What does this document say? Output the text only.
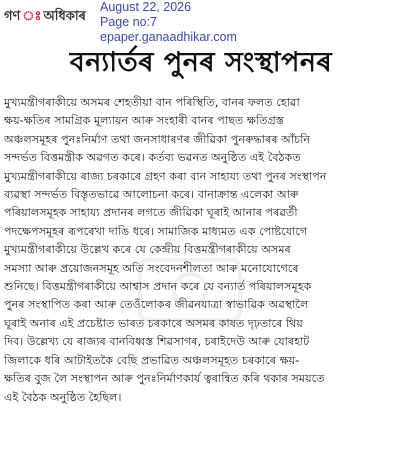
গণ ঃ অধিকাৰ
August 22, 2026
Page no:7
epaper.ganaadhikar.com
বন্যাৰ্তৰ পুনৰ সংস্থাপনৰ
মুখ্যমন্ত্ৰীগৰাকীয়ে অসমৰ শেহতীয়া বান পৰিস্থিতি, বানৰ ফলত হোৱা
ক্ষয়-ক্ষতিৰ সামগ্ৰিক মূল্যায়ন আৰু সংহাৰী বানৰ পাছত ক্ষতিগ্ৰস্ত
অঞ্চলসমূহৰ পুনঃনিৰ্মাণ তথা জনসাধাৰণৰ জীৱিকা পুনৰুদ্ধাৰৰ আঁচনি
সন্দৰ্ভত বিত্তমন্ত্ৰীক অৱগত কৰে। কৰ্তব্য ভৱনত অনুষ্ঠিত এই বৈঠকত
মুখ্যমন্ত্ৰীগৰাকীয়ে ৰাজ্য চৰকাৰে গ্ৰহণ কৰা বান সাহায্য তথা পুনৰ সংস্থাপন
ব্যৱস্থা সন্দৰ্ভত বিস্তৃতভাৱে আলোচনা কৰে। বানাক্ৰান্ত এলেকা আৰু
পৰিয়ালসমূহক সাহায্য প্ৰদানৰ লগতে জীৱিকা ঘূৰাই আনাৰ পৰৱৰ্তী
পদক্ষেপসমূহৰ ৰূপৰেখা দাঙি ধৰে। সামাজিক মাধ্যমত এক পোষ্টযোগে
মুখ্যমন্ত্ৰীগৰাকীয়ে উল্লেখ কৰে যে কেন্দ্ৰীয় বিত্তমন্ত্ৰীগৰাকীয়ে অসমৰ
সমস্যা আৰু প্ৰয়োজনসমূহ অতি সংবেদনশীলতা আৰু মনোযোগেৰে
শুনিছে। বিত্তমন্ত্ৰীগৰাকীয়ে আশ্বাস প্ৰদান কৰে যে বন্যাৰ্ত পৰিয়ালসমূহক
পুনৰ সংস্থাপিত কৰা আৰু তেওঁলোকৰ জীৱনযাত্ৰা স্বাভাৱিক অৱস্থালৈ
ঘূৰাই অনাৰ এই প্ৰচেষ্টাত ভাৰত চৰকাৰে অসমৰ কাষত দৃঢ়তাৰে থিয়
দিব। উল্লেখ্য যে ৰাজ্যৰ বানবিধ্বস্ত শিৱসাগৰ, চৰাইদেউ আৰু যোৰহাট
জিলাকে ধৰি আটাইতকৈ বেছি প্ৰভাৱিত অঞ্চলসমূহত চৰকাৰে ক্ষয়-
ক্ষতিৰ বুজ লৈ সংস্থাপন আৰু পুনঃনিৰ্মাণকাৰ্য ত্বৰান্বিত কৰি থকাৰ সময়তে
এই বৈঠক অনুষ্ঠিত হৈছিল।
